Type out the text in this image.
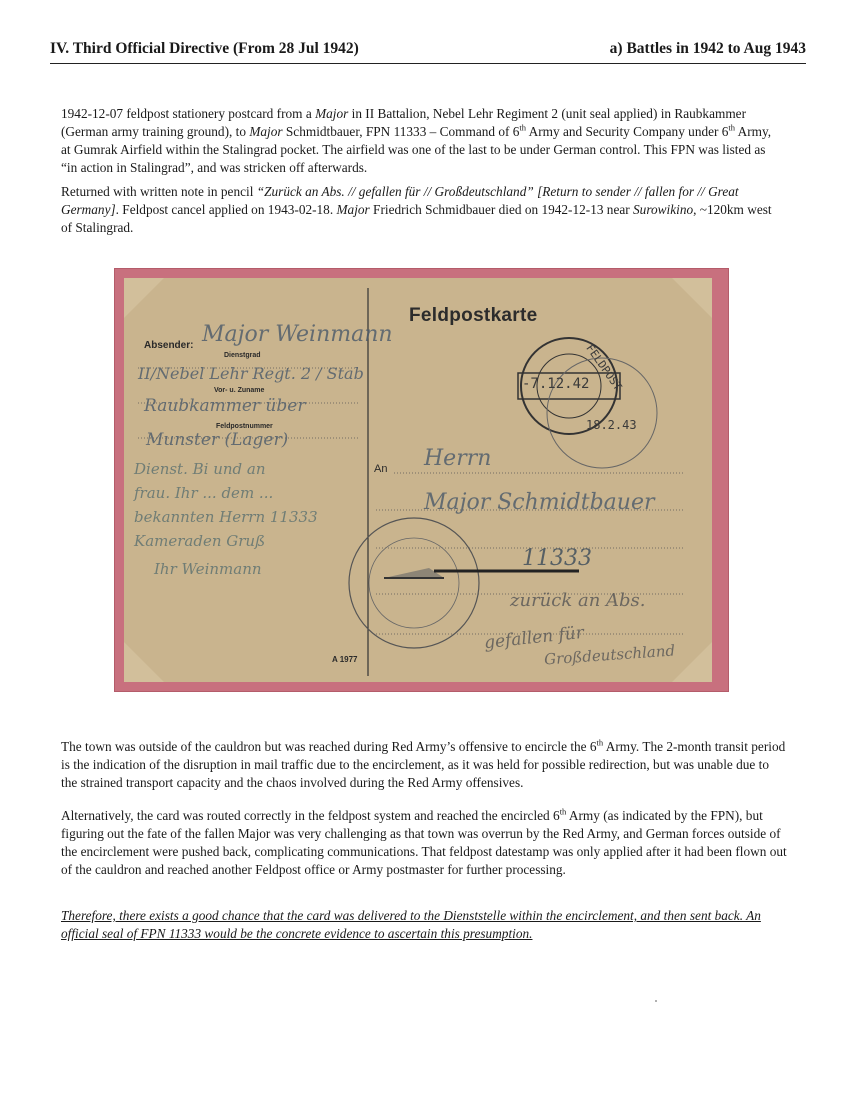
IV. Third Official Directive (From 28 Jul 1942)	a) Battles in 1942 to Aug 1943

1942-12-07 feldpost stationery postcard from a Major in II Battalion, Nebel Lehr Regiment 2 (unit seal applied) in Raubkammer (German army training ground), to Major Schmidtbauer, FPN 11333 – Command of 6th Army and Security Company under 6th Army, at Gumrak Airfield within the Stalingrad pocket. The airfield was one of the last to be under German control. This FPN was listed as “in action in Stalingrad”, and was stricken off afterwards.

Returned with written note in pencil “Zurück an Abs. // gefallen für // Großdeutschland” [Return to sender // fallen for // Great Germany]. Feldpost cancel applied on 1943-02-18. Major Friedrich Schmidbauer died on 1942-12-13 near Surowikino, ~120km west of Stalingrad.

Feldpostkarte
Absender:
Dienstgrad
Vor- u. Zuname
Feldpostnummer
An
A 1977
-7.12.42
18.2.43
FELDPOST
Major Weinmann
II/Nebel Lehr Regt. 2 / Stab
Raubkammer über
Munster (Lager)
Dienst. Bi und an
frau. Ihr ... dem ...
bekannten Herrn 11333
Kameraden Gruß
Ihr Weinmann
Herrn
Major Schmidtbauer
11333
zurück an Abs.
gefallen für
Großdeutschland

The town was outside of the cauldron but was reached during Red Army’s offensive to encircle the 6th Army. The 2-month transit period is the indication of the disruption in mail traffic due to the encirclement, as it was held for possible redirection, but was unable due to the strained transport capacity and the chaos involved during the Red Army offensives.

Alternatively, the card was routed correctly in the feldpost system and reached the encircled 6th Army (as indicated by the FPN), but figuring out the fate of the fallen Major was very challenging as that town was overrun by the Red Army, and German forces outside of the encirclement were pushed back, complicating communications. That feldpost datestamp was only applied after it had been flown out of the cauldron and reached another Feldpost office or Army postmaster for further processing.

Therefore, there exists a good chance that the card was delivered to the Dienststelle within the encirclement, and then sent back. An official seal of FPN 11333 would be the concrete evidence to ascertain this presumption.
